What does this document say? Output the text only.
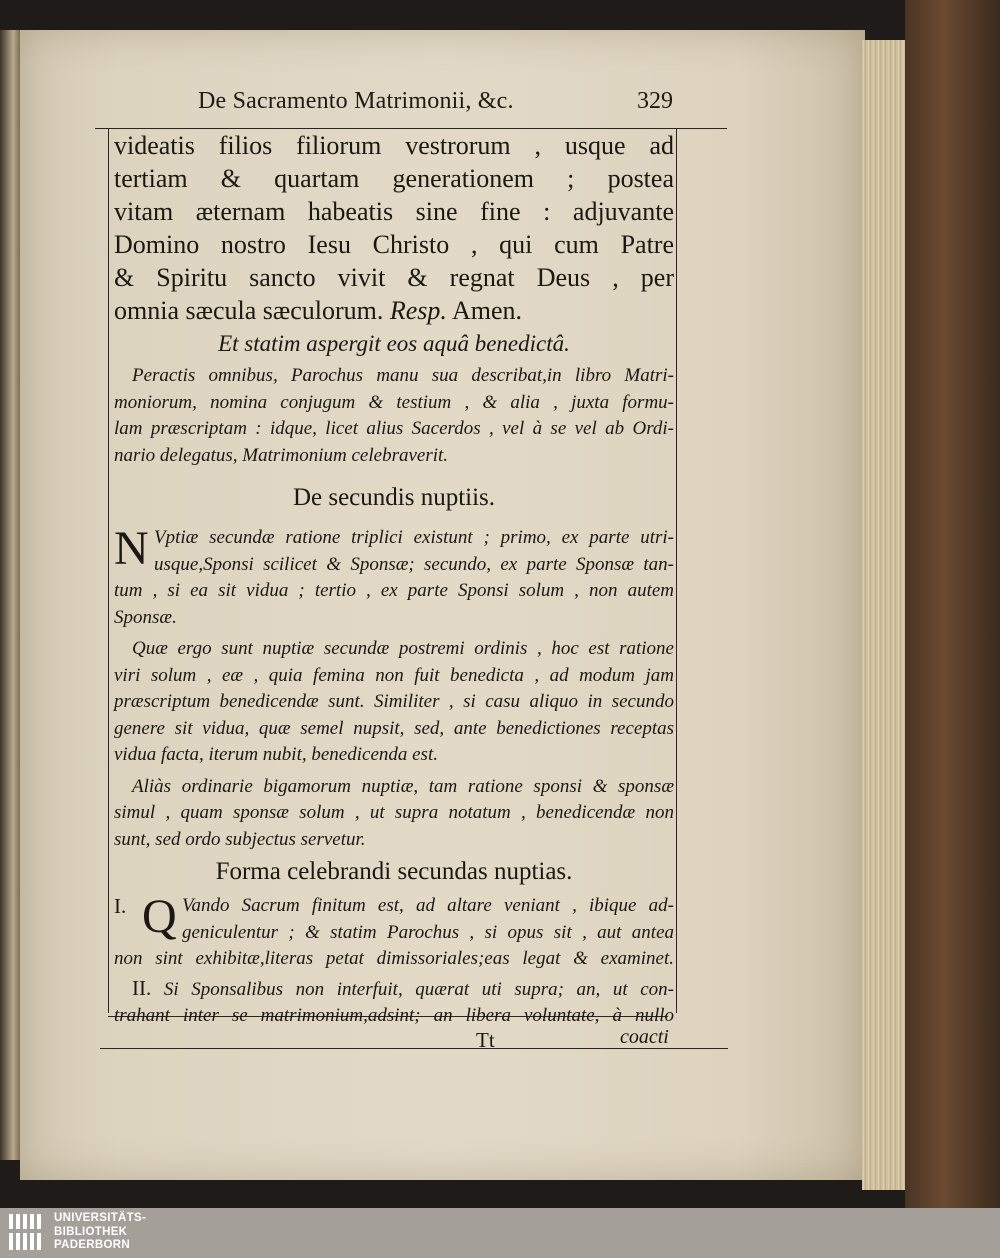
De Sacramento Matrimonii, &c.	329
videatis filios filiorum vestrorum , usque ad
tertiam & quartam generationem ; postea
vitam æternam habeatis sine fine : adjuvante
Domino nostro Iesu Christo , qui cum Patre
& Spiritu sancto vivit & regnat Deus , per
omnia sæcula sæculorum. Resp. Amen.
Et statim aspergit eos aquâ benedictâ.
Peractis omnibus, Parochus manu sua describat,in libro Matri-
moniorum, nomina conjugum & testium , & alia , juxta formu-
lam præscriptam : idque, licet alius Sacerdos , vel à se vel ab Ordi-
nario delegatus, Matrimonium celebraverit.
De secundis nuptiis.
N Vptiæ secundæ ratione triplici existunt ; primo, ex parte utri-
usque,Sponsi scilicet & Sponsæ; secundo, ex parte Sponsæ tan-
tum , si ea sit vidua ; tertio , ex parte Sponsi solum , non autem
Sponsæ.
Quæ ergo sunt nuptiæ secundæ postremi ordinis , hoc est ratione
viri solum , eæ , quia femina non fuit benedicta , ad modum jam
præscriptum benedicendæ sunt. Similiter , si casu aliquo in secundo
genere sit vidua, quæ semel nupsit, sed, ante benedictiones receptas
vidua facta, iterum nubit, benedicenda est.
Aliàs ordinarie bigamorum nuptiæ, tam ratione sponsi & sponsæ
simul , quam sponsæ solum , ut supra notatum , benedicendæ non
sunt, sed ordo subjectus servetur.
Forma celebrandi secundas nuptias.
I. Q Vando Sacrum finitum est, ad altare veniant , ibique ad-
geniculentur ; & statim Parochus , si opus sit , aut antea
non sint exhibitæ,literas petat dimissoriales;eas legat & examinet.
II. Si Sponsalibus non interfuit, quærat uti supra; an, ut con-
trahant inter se matrimonium,adsint; an libera voluntate, à nullo
Tt	coacti
UNIVERSITÄTS-
BIBLIOTHEK
PADERBORN
